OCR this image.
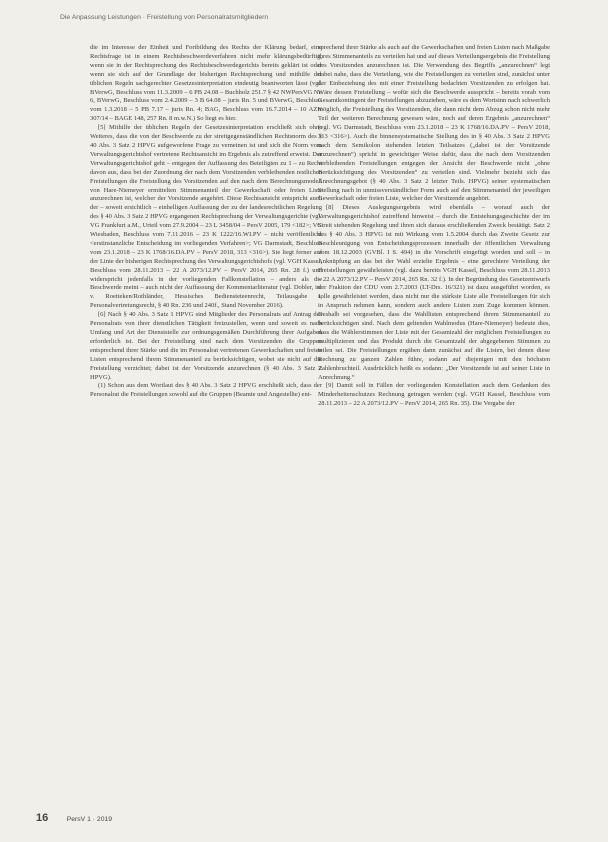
Die Anpassung Leistungen · Freistellung von Personalratsmitgliedern

die im Interesse der Einheit und Fortbildung des Rechts der Klärung bedarf, eine Rechtsfrage ist in einem Rechtsbeschwerdeverfahren nicht mehr klärungsbedürftig, wenn sie in der Rechtsprechung des Rechtsbeschwerdegerichts bereits geklärt ist oder wenn sie sich auf der Grundlage der bisherigen Rechtsprechung und mithilfe der üblichen Regeln sachgerechter Gesetzesinterpretation eindeutig beantworten lässt (vgl. BVerwG, Beschluss vom 11.3.2009 – 6 PB 24.08 – Buchholz 251.7 § 42 NWPersVG Nr. 6, BVerwG, Beschluss vom 2.4.2009 – 3 B 64.08 – juris Rn. 5 und BVerwG, Beschluss vom 1.3.2018 – 5 PB 7.17 – juris Rn. 4; BAG, Beschluss vom 16.7.2014 – 10 AZN 307/14 – BAGE 148, 257 Rn. 8 m.w.N.) So liegt es hier.

[5] Mithilfe der üblichen Regeln der Gesetzesinterpretation erschließt sich ohne Weiteres, dass die von der Beschwerde zu der streitgegenständlichen Rechtsnorm des § 40 Abs. 3 Satz 2 HPVG aufgeworfene Frage zu verneinen ist und sich die Norm vom Verwaltungsgerichtshof vertretene Rechtsansicht im Ergebnis als zutreffend erweist. Der Verwaltungsgerichtshof geht – entgegen der Auffassung des Beteiligten zu 1 – zu Recht davon aus, dass bei der Zuordnung der nach dem Vorsitzenden verbleibenden restlichen Freistellungen die Freistellung des Vorsitzenden auf den nach dem Berechnungsmodell von Hare-Niemeyer ermittelten Stimmenanteil der Gewerkschaft oder freien Liste anzurechnen ist, welcher der Vorsitzende angehört. Diese Rechtsansicht entspricht auch der – soweit ersichtlich – einhelligen Auffassung der zu der landesrechtlichen Regelung des § 40 Abs. 3 Satz 2 HPVG ergangenen Rechtsprechung der Verwaltungsgerichte (vgl. VG Frankfurt a.M., Urteil vom 27.9.2004 – 23 L 3458/04 – PersV 2005, 179 <182>; VG Wiesbaden, Beschluss vom 7.11.2016 – 23 K 1222/16.WI.PV – nicht veröffentlicht <erstinstanzliche Entscheidung im vorliegenden Verfahren>; VG Darmstadt, Beschluss vom 23.1.2018 – 23 K 1768/16.DA.PV – PersV 2018, 313 <316>). Sie liegt ferner auf der Linie der bisherigen Rechtsprechung des Verwaltungsgerichtshofs (vgl. VGH Kassel, Beschluss vom 28.11.2013 – 22 A 2073/12.PV – PersV 2014, 265 Rn. 28 f.) und widerspricht jedenfalls in der vorliegenden Fallkonstellation – anders als die Beschwerde meint – auch nicht der Auffassung der Kommentarliteratur (vgl. Dobler, in: v. Roetteken/Rothländer, Hessisches Bediensteteenrecht, Teilausgabe I, Personalvertretungsrecht, § 40 Rn. 236 und 240f., Stand November 2016).

[6] Nach § 40 Abs. 3 Satz 1 HPVG sind Mitglieder des Personalrats auf Antrag des Personalrats von ihrer dienstlichen Tätigkeit freizustellen, wenn und soweit es nach Umfang und Art der Dienststelle zur ordnungsgemäßen Durchführung ihrer Aufgaben erforderlich ist. Bei der Freistellung sind nach dem Vorsitzenden die Gruppen entsprechend ihrer Stärke und die im Personalrat vertretenen Gewerkschaften und freien Listen entsprechend ihrem Stimmenanteil zu berücksichtigen, wobei sie nicht auf die Freistellung verzichtet; dabei ist der Vorsitzende anzurechnen (§ 40 Abs. 3 Satz 2 HPVG).

(1) Schon aus dem Wortlaut des § 40 Abs. 3 Satz 2 HPVG erschließt sich, dass der Personalrat die Freistellungen sowohl auf die Gruppen (Beamte und Angestellte) ent-

sprechend ihrer Stärke als auch auf die Gewerkschaften und freien Listen nach Maßgabe ihres Stimmenanteils zu verteilen hat und auf dieses Verteilungsergebnis die Freistellung des Vorsitzenden anzurechnen ist. Die Verwendung des Begriffs „anzurechnen“ legt dabei nahe, dass die Verteilung, wie die Freistellungen zu verteilen sind, zunächst unter der Einbeziehung des mit einer Freistellung bedachten Vorsitzenden zu erfolgen hat. Wäre dessen Freistellung – wofür sich die Beschwerde ausspricht – bereits vorab vom Gesamtkontingent der Freistellungen abzuziehen, wäre es dem Wortsinn nach schwerlich möglich, die Freistellung des Vorsitzenden, die dann nicht dem Abzug schon nicht mehr Teil der weiteren Berechnung gewesen wäre, noch auf deren Ergebnis „anzurechnen“ (vgl. VG Darmstadt, Beschluss vom 23.1.2018 – 23 K 1768/16.DA.PV – PersV 2018, 313 <316>). Auch die binnensystematische Stellung des in § 40 Abs. 3 Satz 2 HPVG nach dem Semikolon stehenden letzten Teilsatzes („dabei ist der Vorsitzende anzurechnen“) spricht in gewichtiger Weise dafür, dass die nach dem Vorsitzenden verbleibenden Freistellungen entgegen der Ansicht der Beschwerde nicht „ohne Berücksichtigung des Vorsitzenden“ zu verteilen sind. Vielmehr bezieht sich das Anrechnungsgebot (§ 40 Abs. 3 Satz 2 letzter Teils. HPVG) seiner systematischen Stellung nach in unmissverständlicher Form auch auf den Stimmenanteil der jeweiligen Gewerkschaft oder freien Liste, welcher der Vorsitzende angehört.

[8] Dieses Auslegungsergebnis wird ebenfalls – worauf auch der Verwaltungsgerichtshof zutreffend hinweist – durch die Entstehungsgeschichte der im Streit stehenden Regelung und ihren sich daraus erschließenden Zweck bestätigt. Satz 2 des § 40 Abs. 3 HPVG ist mit Wirkung vom 1.5.2004 durch das Zweite Gesetz zur Beschleunigung von Entscheidungsprozessen innerhalb der öffentlichen Verwaltung vom 18.12.2003 (GVBl. I S. 494) in die Vorschrift eingefügt worden und soll – in Anknüpfung an das bei der Wahl erzielte Ergebnis – eine gerechtere Verteilung der Freistellungen gewährleisten (vgl. dazu bereits VGH Kassel, Beschluss vom 28.11.2013 – 22 A 2073/12.PV – PersV 2014, 265 Rn. 32 f.). In der Begründung des Gesetzentwurfs der Fraktion der CDU vom 2.7.2003 (LT-Drs. 16/321) ist dazu ausgeführt worden, es solle gewährleistet werden, dass nicht nur die stärkste Liste alle Freistellungen für sich in Anspruch nehmen kann, sondern auch andere Listen zum Zuge kommen können. Deshalb sei vorgesehen, dass die Wahllisten entsprechend ihrem Stimmenanteil zu berücksichtigen sind. Nach dem geltenden Wahlmodus (Hare-Niemeyer) bedeute dies, dass die Wählerstimmen der Liste mit der Gesamtzahl der möglichen Freistellungen zu multiplizieren und das Produkt durch die Gesamtzahl der abgegebenen Stimmen zu teilen sei. Die Freistellungen ergäben dann zunächst auf die Listen, bei denen diese Rechnung zu ganzen Zahlen führe, sodann auf diejenigen mit den höchsten Zahlenbruchteil. Ausdrücklich heißt es sodann: „Der Vorsitzende ist auf seiner Liste in Anrechnung.“

[9] Damit soll in Fällen der vorliegenden Konstellation auch dem Gedanken des Minderheitenschutzes Rechnung getragen werden (vgl. VGH Kassel, Beschluss vom 28.11.2013 – 22 A 2073/12.PV – PersV 2014, 265 Rn. 35). Die Vergabe der

16	PersV 1 · 2019
